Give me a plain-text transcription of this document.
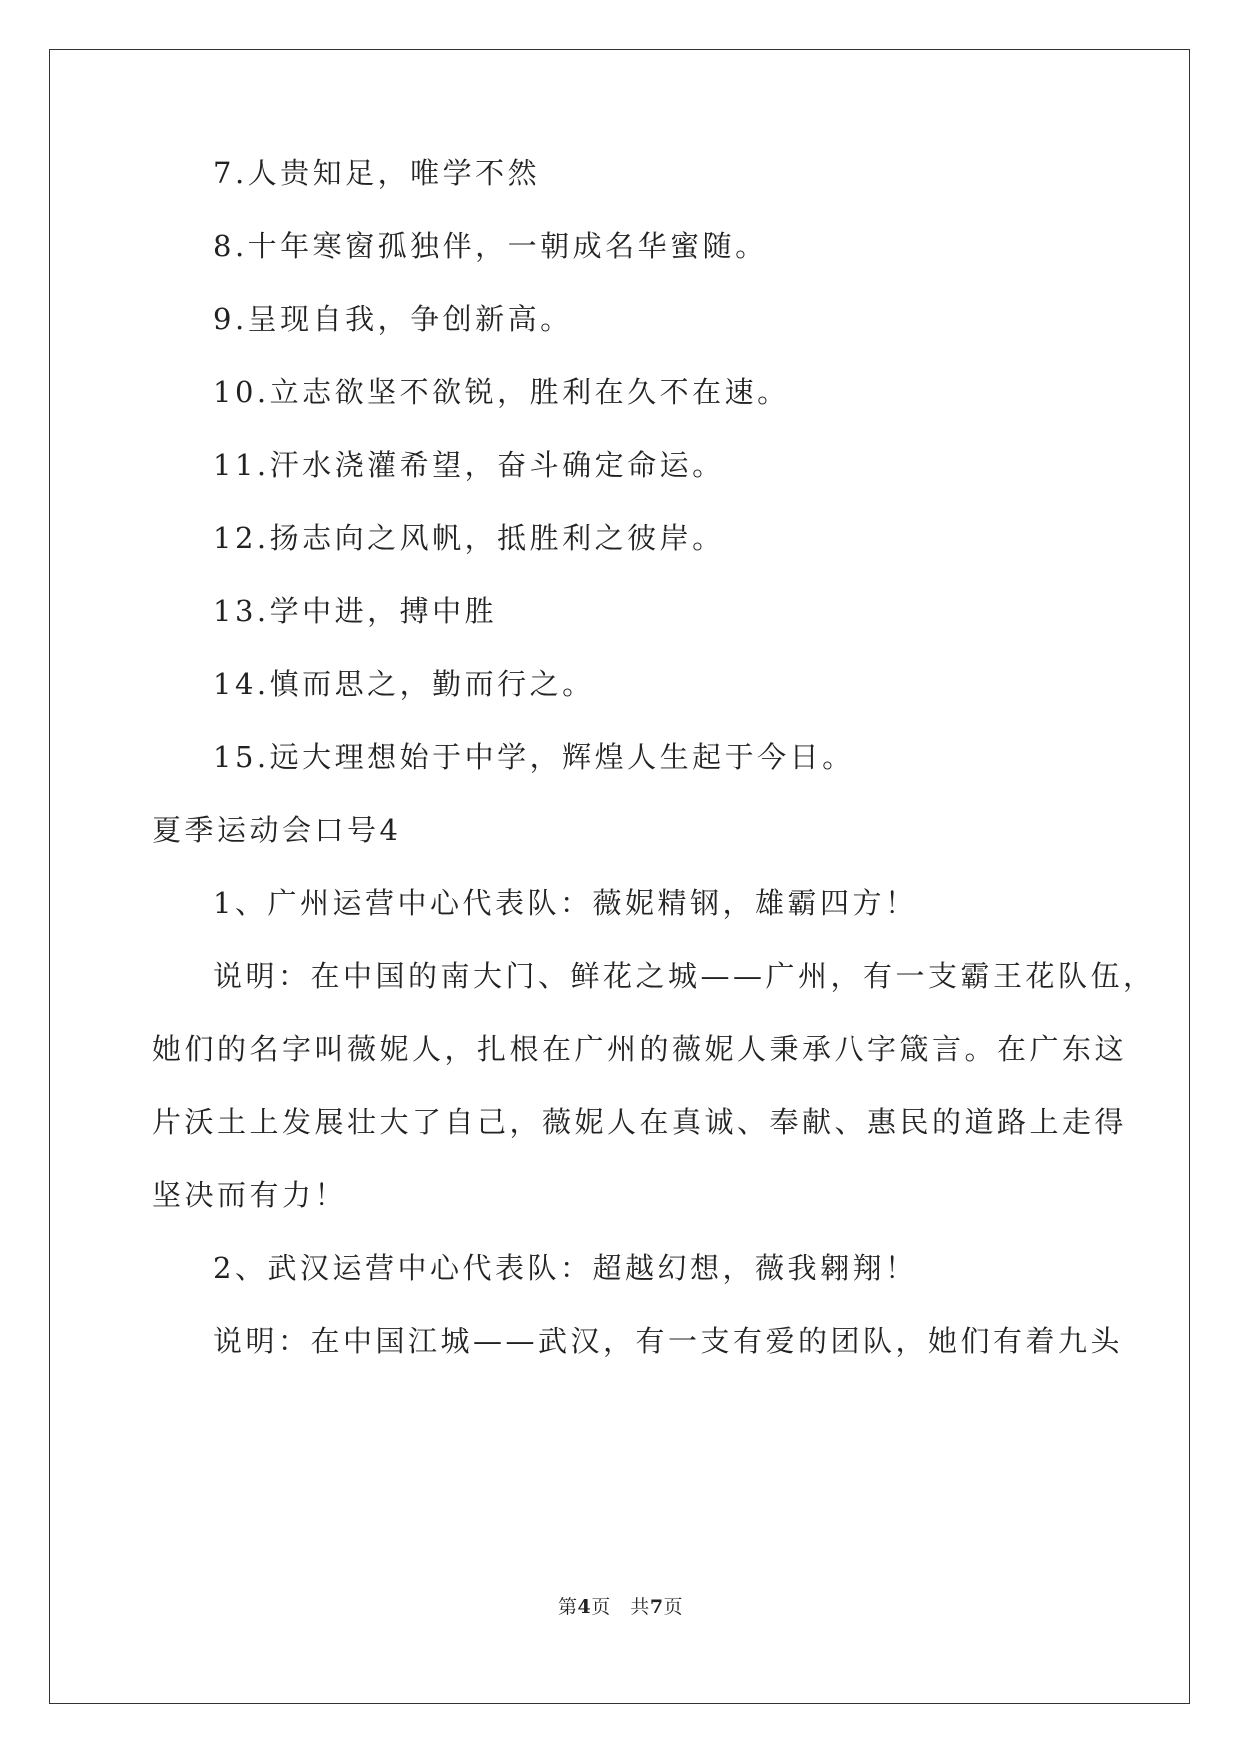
7.人贵知足，唯学不然
8.十年寒窗孤独伴，一朝成名华蜜随。
9.呈现自我，争创新高。
10.立志欲坚不欲锐，胜利在久不在速。
11.汗水浇灌希望，奋斗确定命运。
12.扬志向之风帆，抵胜利之彼岸。
13.学中进，搏中胜
14.慎而思之，勤而行之。
15.远大理想始于中学，辉煌人生起于今日。
夏季运动会口号4
1、广州运营中心代表队：薇妮精钢，雄霸四方！
说明：在中国的南大门、鲜花之城——广州，有一支霸王花队伍，
她们的名字叫薇妮人，扎根在广州的薇妮人秉承八字箴言。在广东这
片沃土上发展壮大了自己，薇妮人在真诚、奉献、惠民的道路上走得
坚决而有力！
2、武汉运营中心代表队：超越幻想，薇我翱翔！
说明：在中国江城——武汉，有一支有爱的团队，她们有着九头
第4页   共7页
